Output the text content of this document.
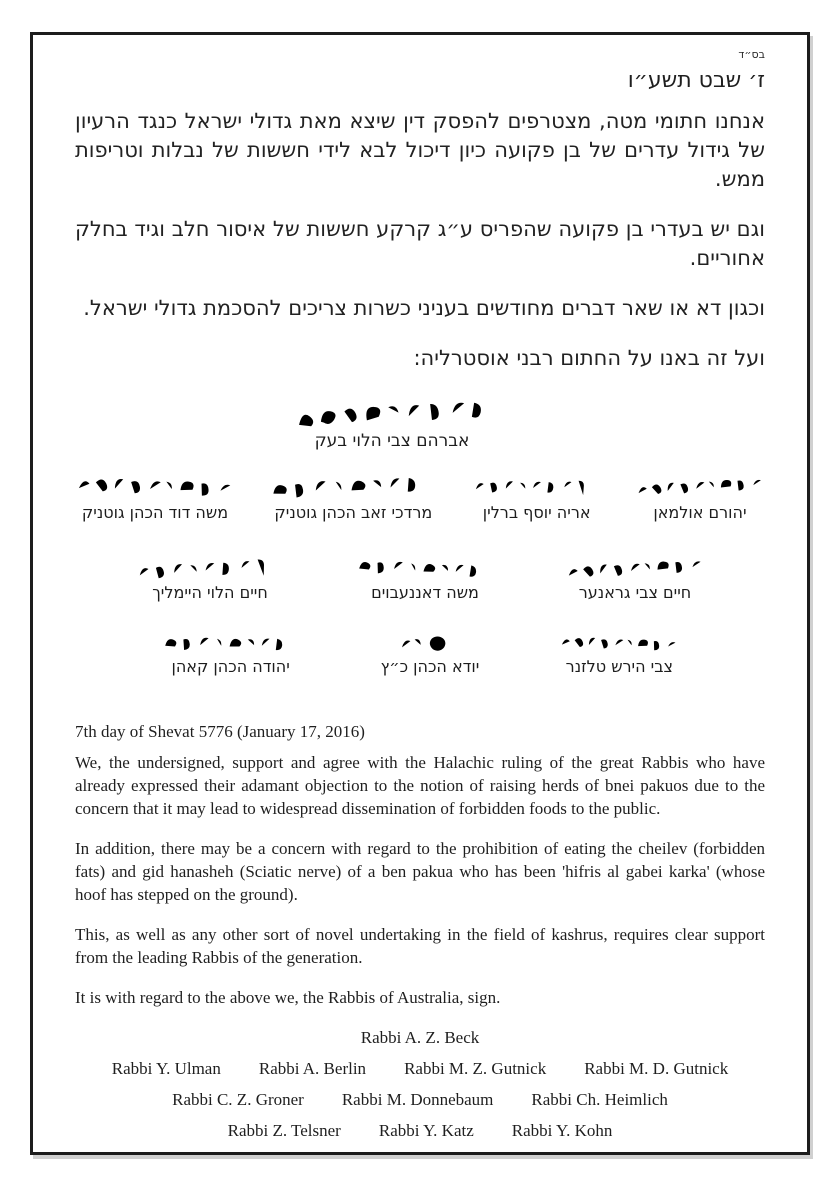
בס״ד
ז׳ שבט תשע״ו

אנחנו חתומי מטה, מצטרפים להפסק דין שיצא מאת גדולי ישראל כנגד הרעיון של גידול עדרים של בן פקועה כיון דיכול לבא לידי חששות של נבלות וטריפות ממש.

וגם יש בעדרי בן פקועה שהפריס ע״ג קרקע חששות של איסור חלב וגיד בחלק אחוריים.

וכגון דא או שאר דברים מחודשים בעניני כשרות צריכים להסכמת גדולי ישראל.

ועל זה באנו על החתום רבני אוסטרליה:

אברהם צבי הלוי בעק
משה דוד הכהן גוטניק	מרדכי זאב הכהן גוטניק	אריה יוסף ברלין	יהורם אולמאן
חיים הלוי היימליך	משה דאננעבוים	חיים צבי גראנער
יהודה הכהן קאהן	יודא הכהן כ״ץ	צבי הירש טלזנר
7th day of Shevat 5776 (January 17, 2016)

We, the undersigned, support and agree with the Halachic ruling of the great Rabbis who have already expressed their adamant objection to the notion of raising herds of bnei pakuos due to the concern that it may lead to widespread dissemination of forbidden foods to the public.

In addition, there may be a concern with regard to the prohibition of eating the cheilev (forbidden fats) and gid hanasheh (Sciatic nerve) of a ben pakua who has been 'hifris al gabei karka' (whose hoof has stepped on the ground).

This, as well as any other sort of novel undertaking in the field of kashrus, requires clear support from the leading Rabbis of the generation.

It is with regard to the above we, the Rabbis of Australia, sign.

Rabbi A. Z. Beck
Rabbi Y. Ulman Rabbi A. Berlin Rabbi M. Z. Gutnick Rabbi M. D. Gutnick
Rabbi C. Z. Groner Rabbi M. Donnebaum Rabbi Ch. Heimlich
Rabbi Z. Telsner Rabbi Y. Katz Rabbi Y. Kohn
